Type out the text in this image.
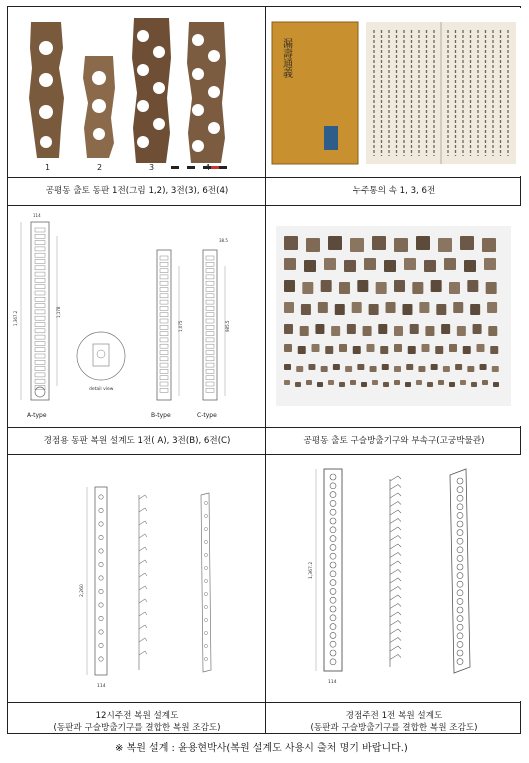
1	2	3	4
漏壽通義
공평동 출토 동판 1전(그림 1,2), 3전(3), 6전(4)	누주통의 속 1, 3, 6전
114
1,367.2	1,178
A-type
detail view
1,075
B-type
985.5
38.5
C-type
경점용 동판 복원 설계도 1전( A), 3전(B), 6전(C)	공평동 출토 구슬방출기구와 부속구(고궁박물관)
2,260
114
1,367.2
114
12시주전 복원 설계도
(동판과 구슬방출기구를 결합한 복원 조감도)
경점주전 1전 복원 설계도
(동판과 구슬방출기구를 결합한 복원 조감도)
※ 복원 설계 : 윤용현박사(복원 설계도 사용시 출처 명기 바랍니다.)
